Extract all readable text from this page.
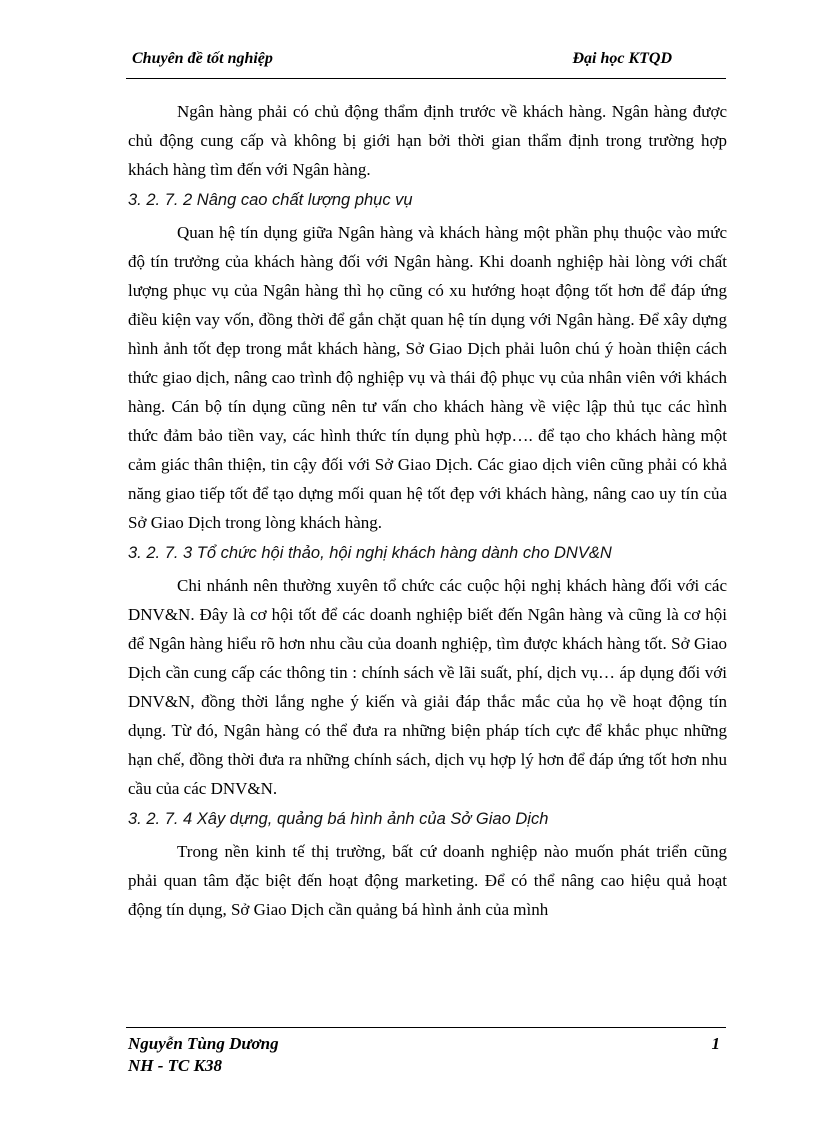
Chuyên đề tốt nghiệp	Đại học KTQD

Ngân hàng phải có chủ động thẩm định trước về khách hàng. Ngân hàng được chủ động cung cấp và không bị giới hạn bởi thời gian thẩm định trong trường hợp khách hàng tìm đến với Ngân hàng.

3. 2. 7. 2 Nâng cao chất lượng phục vụ

Quan hệ tín dụng giữa Ngân hàng và khách hàng một phần phụ thuộc vào mức độ tín trưởng của khách hàng đối với Ngân hàng. Khi doanh nghiệp hài lòng với chất lượng phục vụ của Ngân hàng thì họ cũng có xu hướng hoạt động tốt hơn để đáp ứng điều kiện vay vốn, đồng thời để gắn chặt quan hệ tín dụng với Ngân hàng. Để xây dựng hình ảnh tốt đẹp trong mắt khách hàng, Sở Giao Dịch phải luôn chú ý hoàn thiện cách thức giao dịch, nâng cao trình độ nghiệp vụ và thái độ phục vụ của nhân viên với khách hàng. Cán bộ tín dụng cũng nên tư vấn cho khách hàng về việc lập thủ tục các hình thức đảm bảo tiền vay, các hình thức tín dụng phù hợp…. để tạo cho khách hàng một cảm giác thân thiện, tin cậy đối với Sở Giao Dịch. Các giao dịch viên cũng phải có khả năng giao tiếp tốt để tạo dựng mối quan hệ tốt đẹp với khách hàng, nâng cao uy tín của Sở Giao Dịch trong lòng khách hàng.

3. 2. 7. 3 Tổ chức hội thảo, hội nghị khách hàng dành cho DNV&N

Chi nhánh nên thường xuyên tổ chức các cuộc hội nghị khách hàng đối với các DNV&N. Đây là cơ hội tốt để các doanh nghiệp biết đến Ngân hàng và cũng là cơ hội để Ngân hàng hiểu rõ hơn nhu cầu của doanh nghiệp, tìm được khách hàng tốt. Sở Giao Dịch cần cung cấp các thông tin : chính sách về lãi suất, phí, dịch vụ… áp dụng đối với DNV&N, đồng thời lắng nghe ý kiến và giải đáp thắc mắc của họ về hoạt động tín dụng. Từ đó, Ngân hàng có thể đưa ra những biện pháp tích cực để khắc phục những hạn chế, đồng thời đưa ra những chính sách, dịch vụ hợp lý hơn để đáp ứng tốt hơn nhu cầu của các DNV&N.

3. 2. 7. 4 Xây dựng, quảng bá hình ảnh của Sở Giao Dịch

Trong nền kinh tế thị trường, bất cứ doanh nghiệp nào muốn phát triển cũng phải quan tâm đặc biệt đến hoạt động marketing. Để có thể nâng cao hiệu quả hoạt động tín dụng, Sở Giao Dịch cần quảng bá hình ảnh của mình

Nguyễn Tùng Dương
NH - TC K38
1
